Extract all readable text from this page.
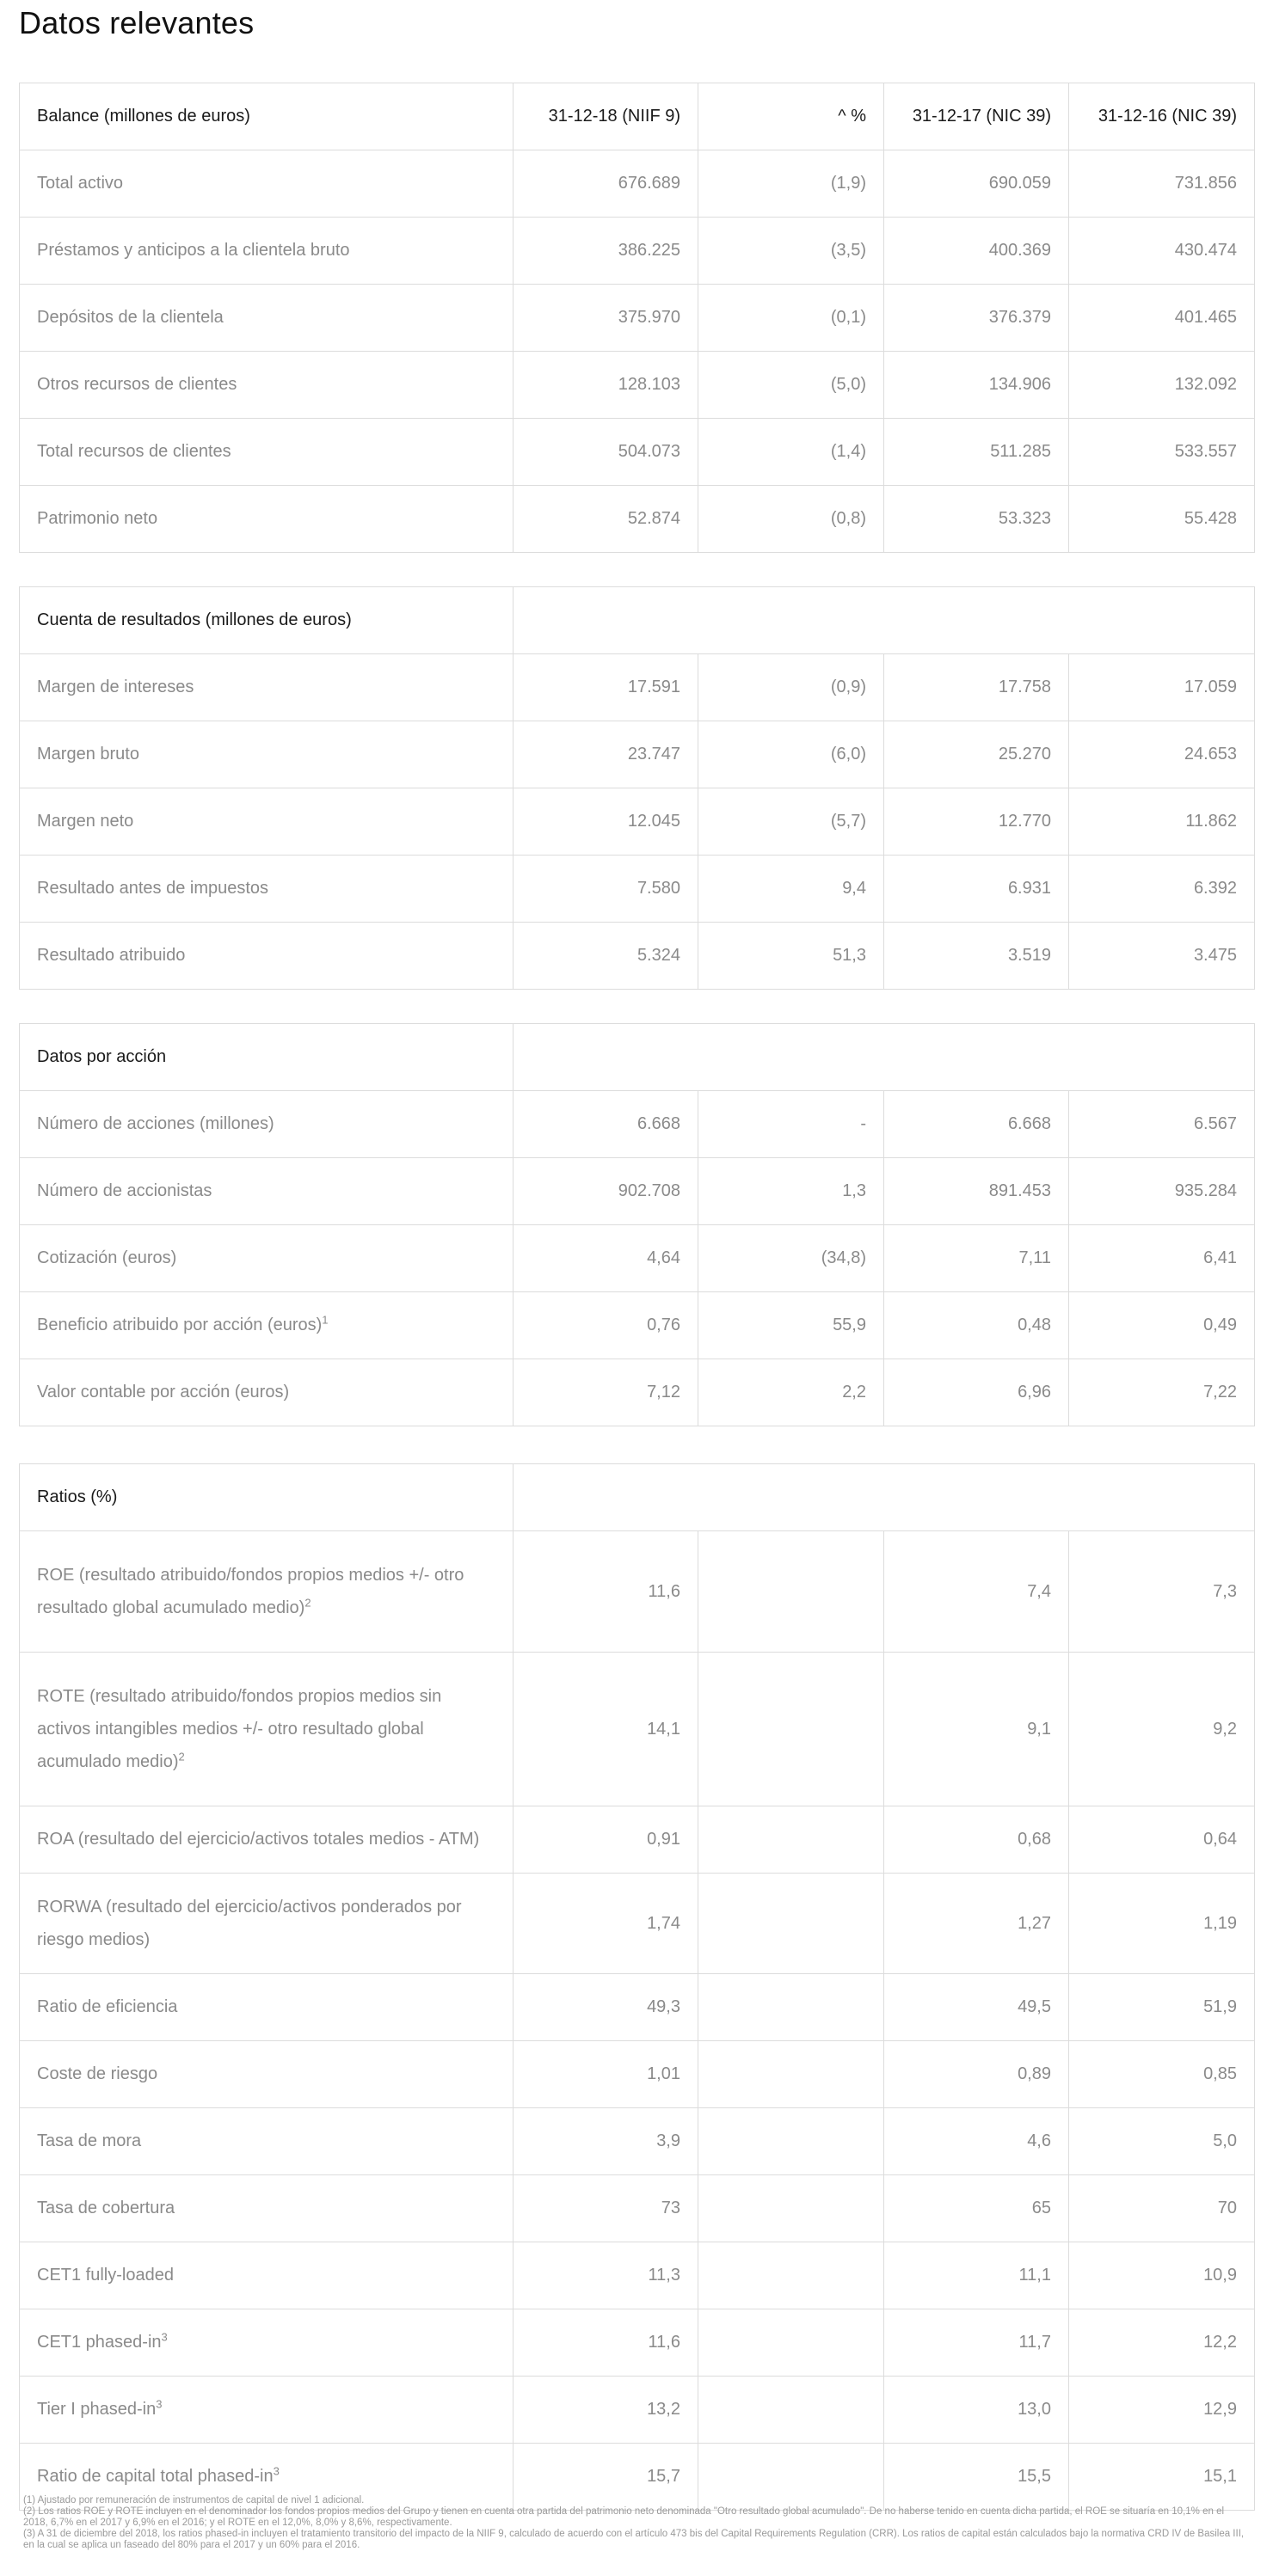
Datos relevantes
Balance (millones de euros)	31-12-18 (NIIF 9)	^ %	31-12-17 (NIC 39)	31-12-16 (NIC 39)
Total activo	676.689	(1,9)	690.059	731.856
Préstamos y anticipos a la clientela bruto	386.225	(3,5)	400.369	430.474
Depósitos de la clientela	375.970	(0,1)	376.379	401.465
Otros recursos de clientes	128.103	(5,0)	134.906	132.092
Total recursos de clientes	504.073	(1,4)	511.285	533.557
Patrimonio neto	52.874	(0,8)	53.323	55.428
Cuenta de resultados (millones de euros)				
Margen de intereses	17.591	(0,9)	17.758	17.059
Margen bruto	23.747	(6,0)	25.270	24.653
Margen neto	12.045	(5,7)	12.770	11.862
Resultado antes de impuestos	7.580	9,4	6.931	6.392
Resultado atribuido	5.324	51,3	3.519	3.475
Datos por acción				
Número de acciones (millones)	6.668	-	6.668	6.567
Número de accionistas	902.708	1,3	891.453	935.284
Cotización (euros)	4,64	(34,8)	7,11	6,41
Beneficio atribuido por acción (euros)$^1$	0,76	55,9	0,48	0,49
Valor contable por acción (euros)	7,12	2,2	6,96	7,22
Ratios (%)				
ROE (resultado atribuido/fondos propios medios +/- otro resultado global acumulado medio)$^2$	11,6		7,4	7,3
ROTE (resultado atribuido/fondos propios medios sin activos intangibles medios +/- otro resultado global acumulado medio)$^2$	14,1		9,1	9,2
ROA (resultado del ejercicio/activos totales medios - ATM)	0,91		0,68	0,64
RORWA (resultado del ejercicio/activos ponderados por riesgo medios)	1,74		1,27	1,19
Ratio de eficiencia	49,3		49,5	51,9
Coste de riesgo	1,01		0,89	0,85
Tasa de mora	3,9		4,6	5,0
Tasa de cobertura	73		65	70
CET1 fully-loaded	11,3		11,1	10,9
CET1 phased-$in^3$	11,6		11,7	12,2
Tier I phased-$in^3$	13,2		13,0	12,9
Ratio de capital total phased-$in^3$	15,7		15,5	15,1

(1) Ajustado por remuneración de instrumentos de capital de nivel 1 adicional.

(2) Los ratios ROE y ROTE incluyen en el denominador los fondos propios medios del Grupo y tienen en cuenta otra partida del patrimonio neto denominada "Otro resultado global acumulado". De no haberse tenido en cuenta dicha partida, el ROE se situaría en 10,1% en el 2018, 6,7% en el 2017 y 6,9% en el 2016; y el ROTE en el 12,0%, 8,0% y 8,6%, respectivamente.

(3) A 31 de diciembre del 2018, los ratios phased-in incluyen el tratamiento transitorio del impacto de la NIIF 9, calculado de acuerdo con el artículo 473 bis del Capital Requirements Regulation (CRR). Los ratios de capital están calculados bajo la normativa CRD IV de Basilea III, en la cual se aplica un faseado del 80% para el 2017 y un 60% para el 2016.
